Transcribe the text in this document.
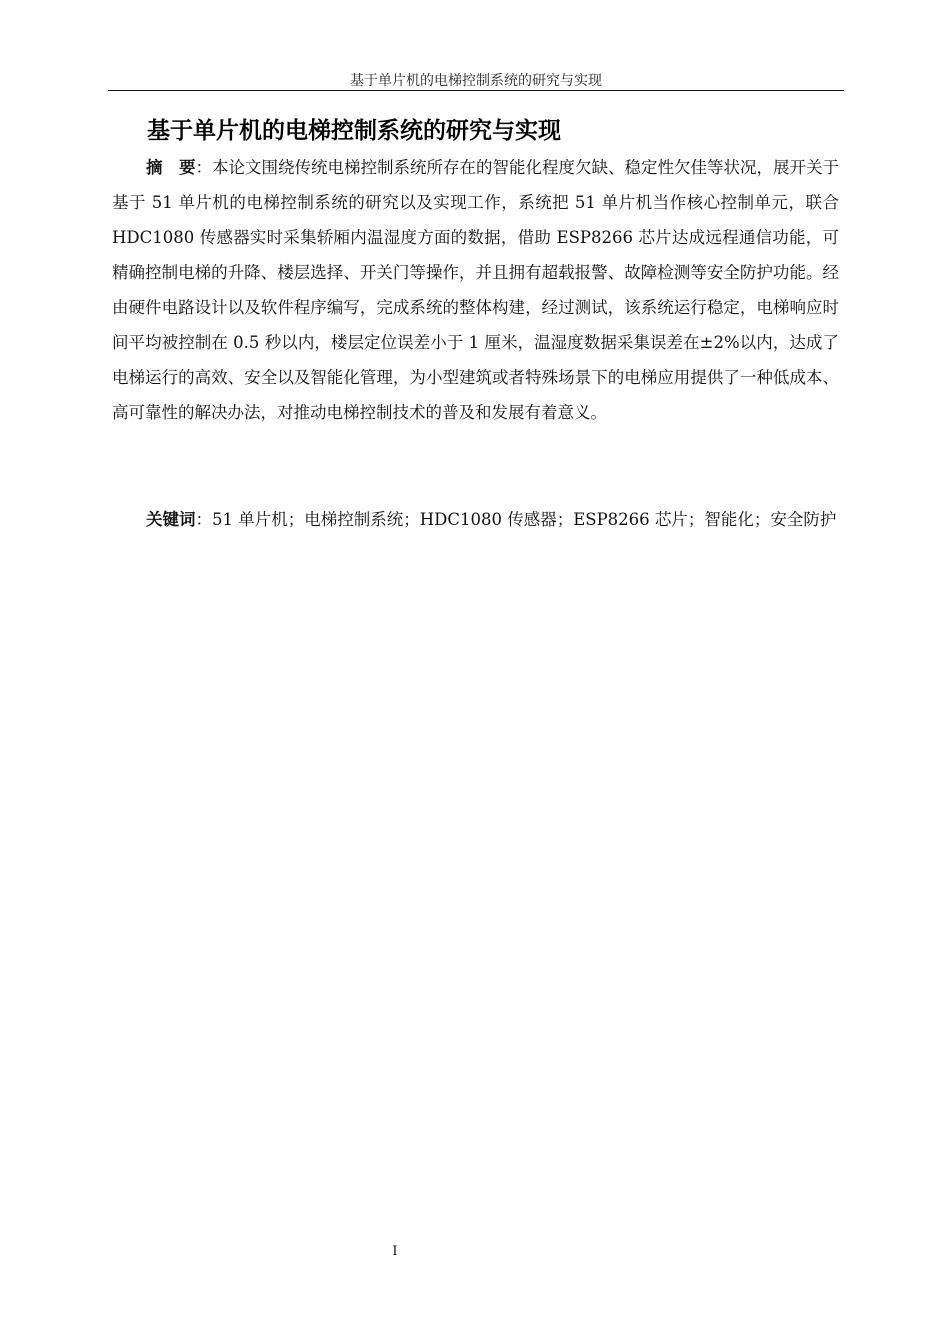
基于单片机的电梯控制系统的研究与实现
基于单片机的电梯控制系统的研究与实现

摘　要：本论文围绕传统电梯控制系统所存在的智能化程度欠缺、稳定性欠佳等状况，展开关于基于 51 单片机的电梯控制系统的研究以及实现工作，系统把 51 单片机当作核心控制单元，联合 HDC1080 传感器实时采集轿厢内温湿度方面的数据，借助 ESP8266 芯片达成远程通信功能，可精确控制电梯的升降、楼层选择、开关门等操作，并且拥有超载报警、故障检测等安全防护功能。经由硬件电路设计以及软件程序编写，完成系统的整体构建，经过测试，该系统运行稳定，电梯响应时间平均被控制在 0.5 秒以内，楼层定位误差小于 1 厘米，温湿度数据采集误差在±2%以内，达成了电梯运行的高效、安全以及智能化管理，为小型建筑或者特殊场景下的电梯应用提供了一种低成本、高可靠性的解决办法，对推动电梯控制技术的普及和发展有着意义。

关键词：51 单片机；电梯控制系统；HDC1080 传感器；ESP8266 芯片；智能化；安全防护

I
